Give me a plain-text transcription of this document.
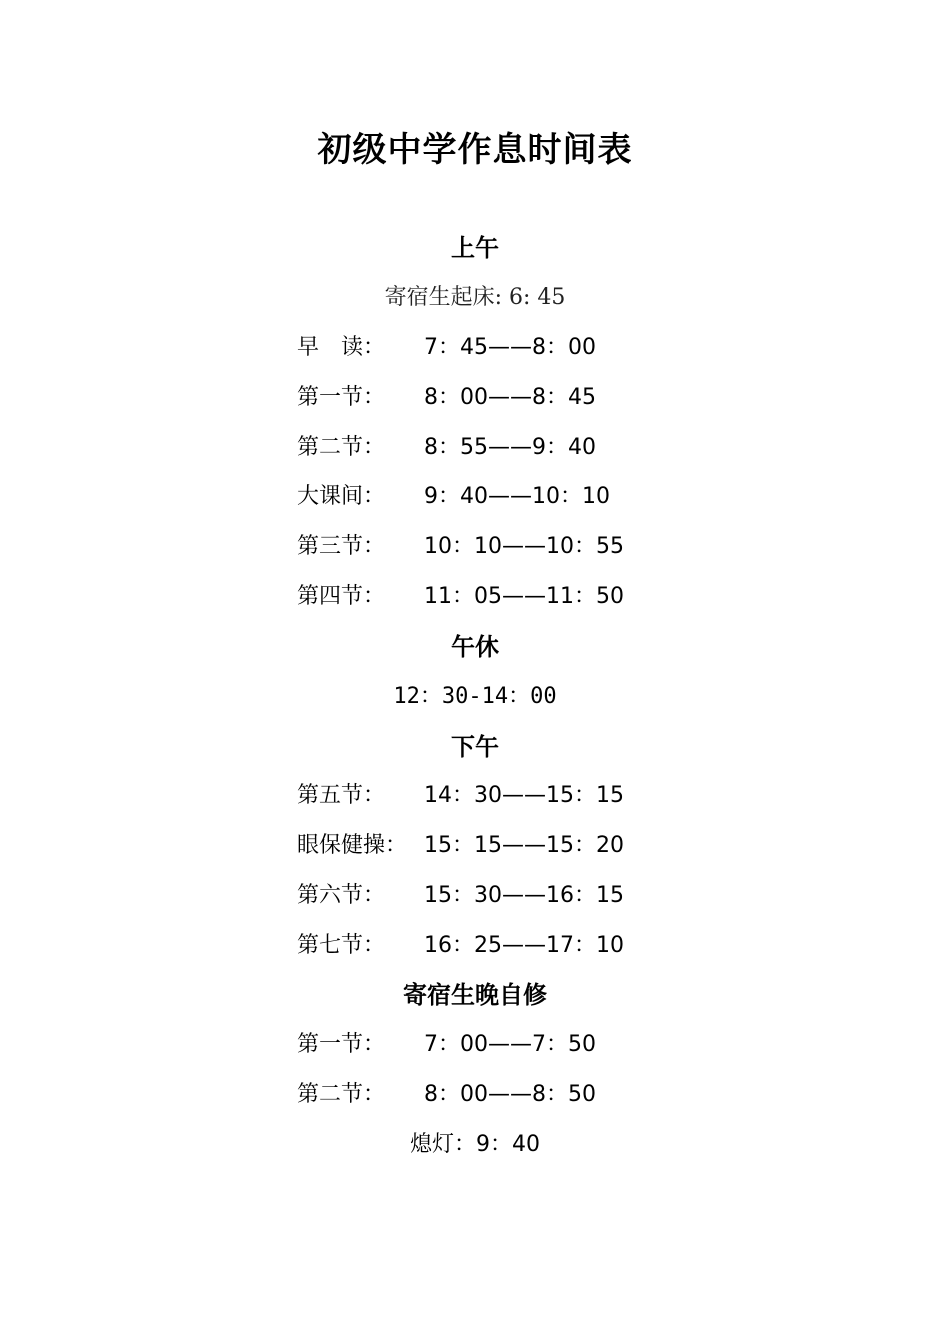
初级中学作息时间表
上午
寄宿生起床: 6: 45
早　读： 7：45——8：00
第一节： 8：00——8：45
第二节： 8：55——9：40
大课间： 9：40——10：10
第三节： 10：10——10：55
第四节： 11：05——11：50
午休
12：30-14：00
下午
第五节： 14：30——15：15
眼保健操： 15：15——15：20
第六节： 15：30——16：15
第七节： 16：25——17：10
寄宿生晚自修
第一节： 7：00——7：50
第二节： 8：00——8：50
熄灯：9：40
